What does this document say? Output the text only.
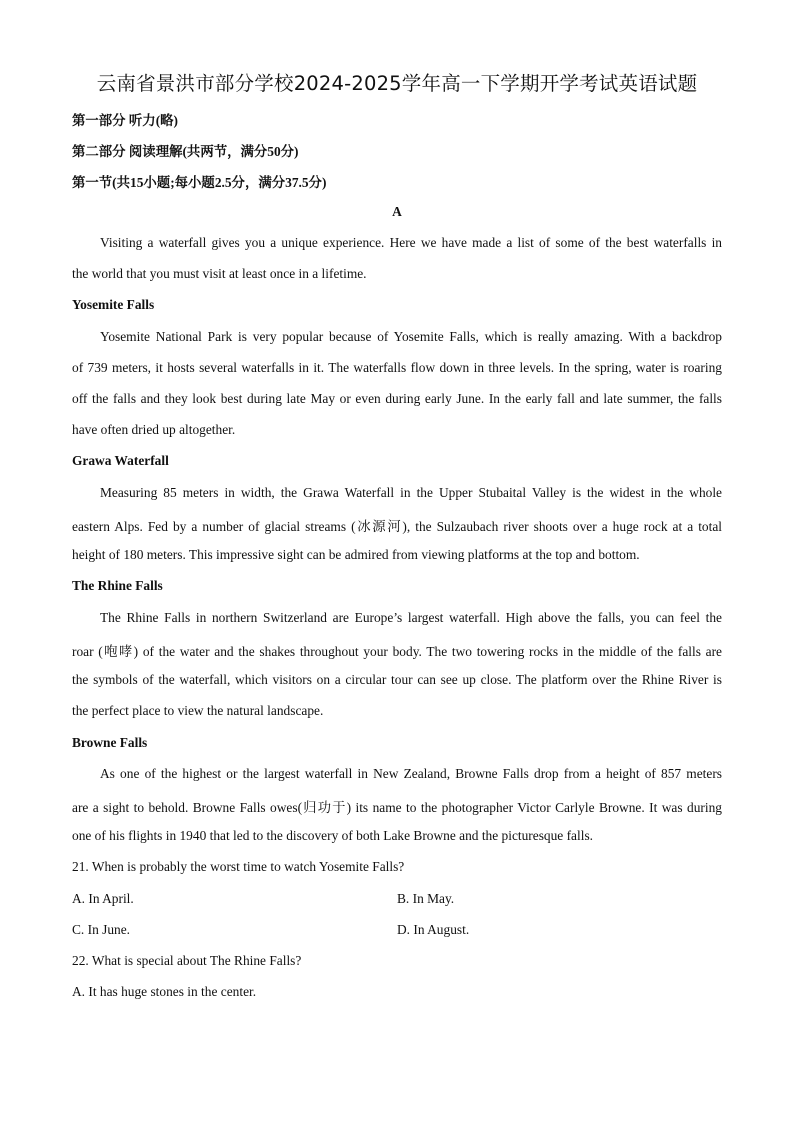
云南省景洪市部分学校2024-2025学年高一下学期开学考试英语试题
第一部分 听力(略)
第二部分 阅读理解(共两节，满分50分)
第一节(共15小题;每小题2.5分，满分37.5分)
A
Visiting a waterfall gives you a unique experience. Here we have made a list of some of the best waterfalls in
the world that you must visit at least once in a lifetime.
Yosemite Falls
Yosemite National Park is very popular because of Yosemite Falls, which is really amazing. With a backdrop
of 739 meters, it hosts several waterfalls in it. The waterfalls flow down in three levels. In the spring, water is roaring
off the falls and they look best during late May or even during early June. In the early fall and late summer, the falls
have often dried up altogether.
Grawa Waterfall
Measuring 85 meters in width, the Grawa Waterfall in the Upper Stubaital Valley is the widest in the whole
eastern Alps. Fed by a number of glacial streams (冰源河), the Sulzaubach river shoots over a huge rock at a total
height of 180 meters. This impressive sight can be admired from viewing platforms at the top and bottom.
The Rhine Falls
The Rhine Falls in northern Switzerland are Europe’s largest waterfall. High above the falls, you can feel the
roar (咆哮) of the water and the shakes throughout your body. The two towering rocks in the middle of the falls are
the symbols of the waterfall, which visitors on a circular tour can see up close. The platform over the Rhine River is
the perfect place to view the natural landscape.
Browne Falls
As one of the highest or the largest waterfall in New Zealand, Browne Falls drop from a height of 857 meters
are a sight to behold. Browne Falls owes(归功于) its name to the photographer Victor Carlyle Browne. It was during
one of his flights in 1940 that led to the discovery of both Lake Browne and the picturesque falls.
21. When is probably the worst time to watch Yosemite Falls?
A. In April.	B. In May.
C. In June.	D. In August.
22. What is special about The Rhine Falls?
A. It has huge stones in the center.
